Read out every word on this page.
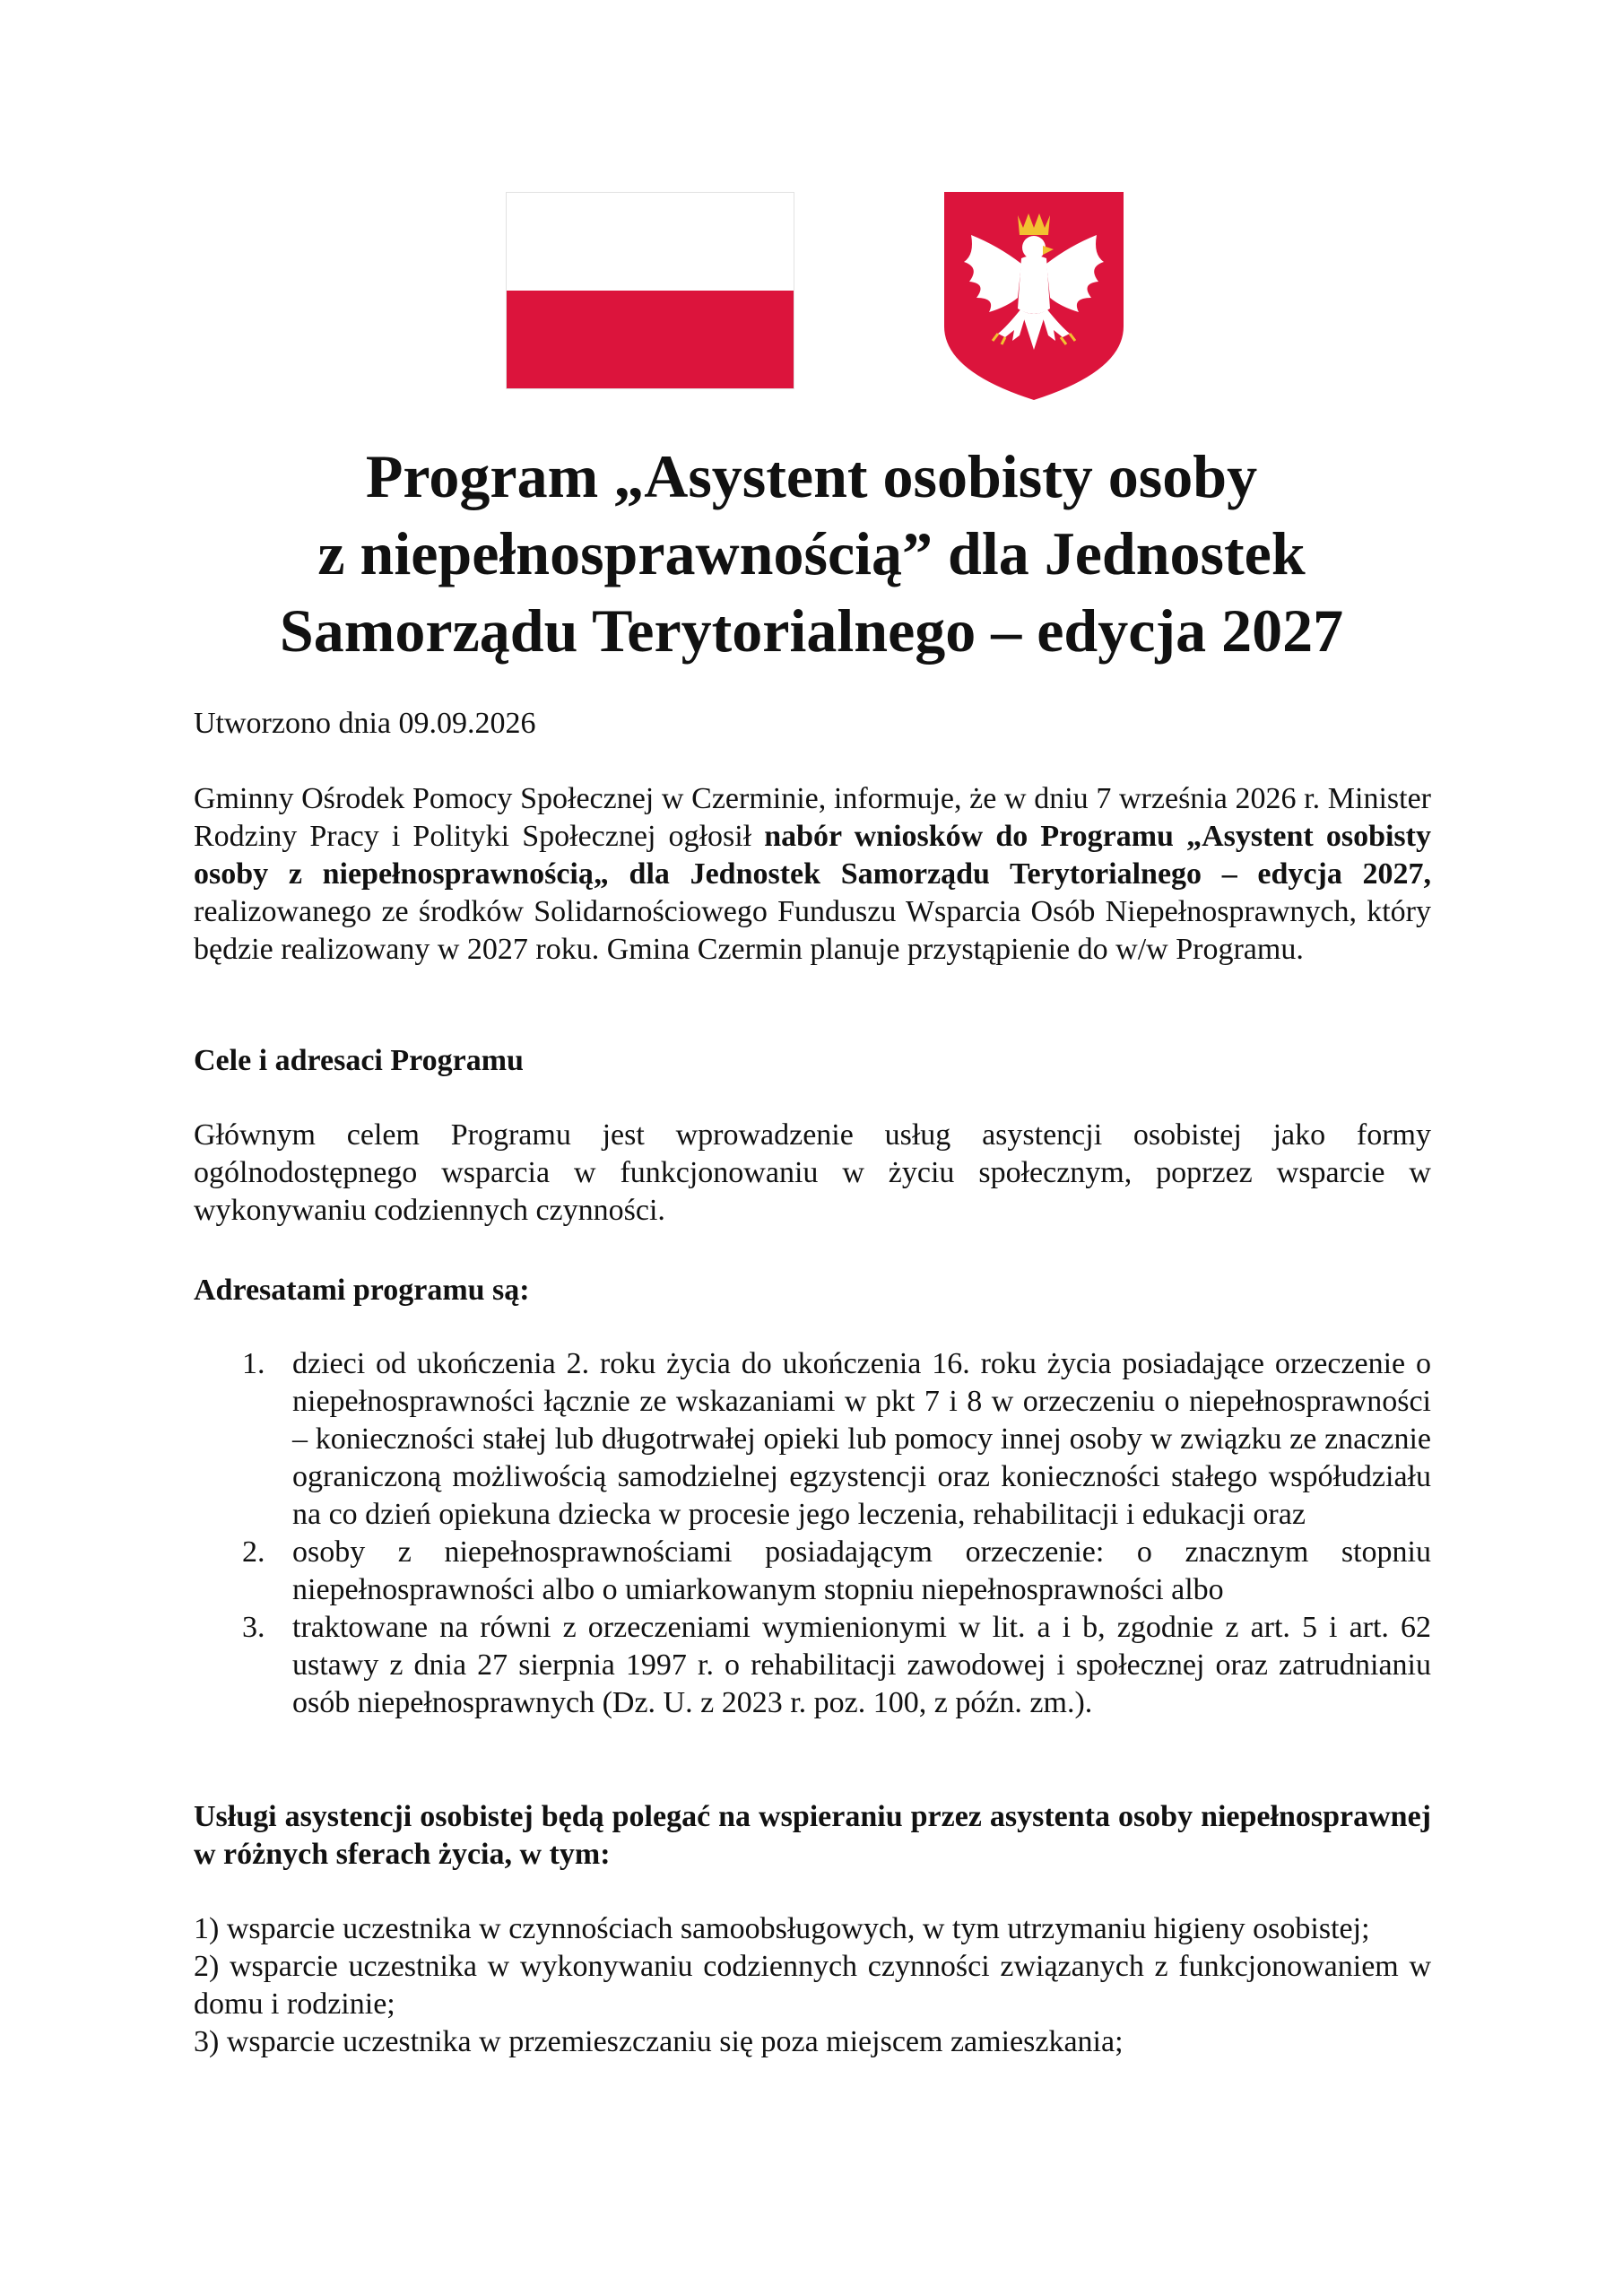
Program „Asystent osobisty osoby
z niepełnosprawnością” dla Jednostek
Samorządu Terytorialnego – edycja 2027
Utworzono dnia 09.09.2026
Gminny Ośrodek Pomocy Społecznej w Czerminie, informuje, że w dniu 7 września 2026 r. Minister Rodziny Pracy i Polityki Społecznej ogłosił nabór wniosków do Programu „Asystent osobisty osoby z niepełnosprawnością„ dla Jednostek Samorządu Terytorialnego – edycja 2027, realizowanego ze środków Solidarnościowego Funduszu Wsparcia Osób Niepełnosprawnych, który będzie realizowany w 2027 roku. Gmina Czermin planuje przystąpienie do w/w Programu.
Cele i adresaci Programu
Głównym celem Programu jest wprowadzenie usług asystencji osobistej jako formy ogólnodostępnego wsparcia w funkcjonowaniu w życiu społecznym, poprzez wsparcie w wykonywaniu codziennych czynności.
Adresatami programu są:
1. dzieci od ukończenia 2. roku życia do ukończenia 16. roku życia posiadające orzeczenie o niepełnosprawności łącznie ze wskazaniami w pkt 7 i 8 w orzeczeniu o niepełnosprawności – konieczności stałej lub długotrwałej opieki lub pomocy innej osoby w związku ze znacznie ograniczoną możliwością samodzielnej egzystencji oraz konieczności stałego współudziału na co dzień opiekuna dziecka w procesie jego leczenia, rehabilitacji i edukacji oraz
2. osoby z niepełnosprawnościami posiadającym orzeczenie: o znacznym stopniu niepełnosprawności albo o umiarkowanym stopniu niepełnosprawności albo
3. traktowane na równi z orzeczeniami wymienionymi w lit. a i b, zgodnie z art. 5 i art. 62 ustawy z dnia 27 sierpnia 1997 r. o rehabilitacji zawodowej i społecznej oraz zatrudnianiu osób niepełnosprawnych (Dz. U. z 2023 r. poz. 100, z późn. zm.).
Usługi asystencji osobistej będą polegać na wspieraniu przez asystenta osoby niepełnosprawnej w różnych sferach życia, w tym:
1) wsparcie uczestnika w czynnościach samoobsługowych, w tym utrzymaniu higieny osobistej;
2) wsparcie uczestnika w wykonywaniu codziennych czynności związanych z funkcjonowaniem w domu i rodzinie;
3) wsparcie uczestnika w przemieszczaniu się poza miejscem zamieszkania;
